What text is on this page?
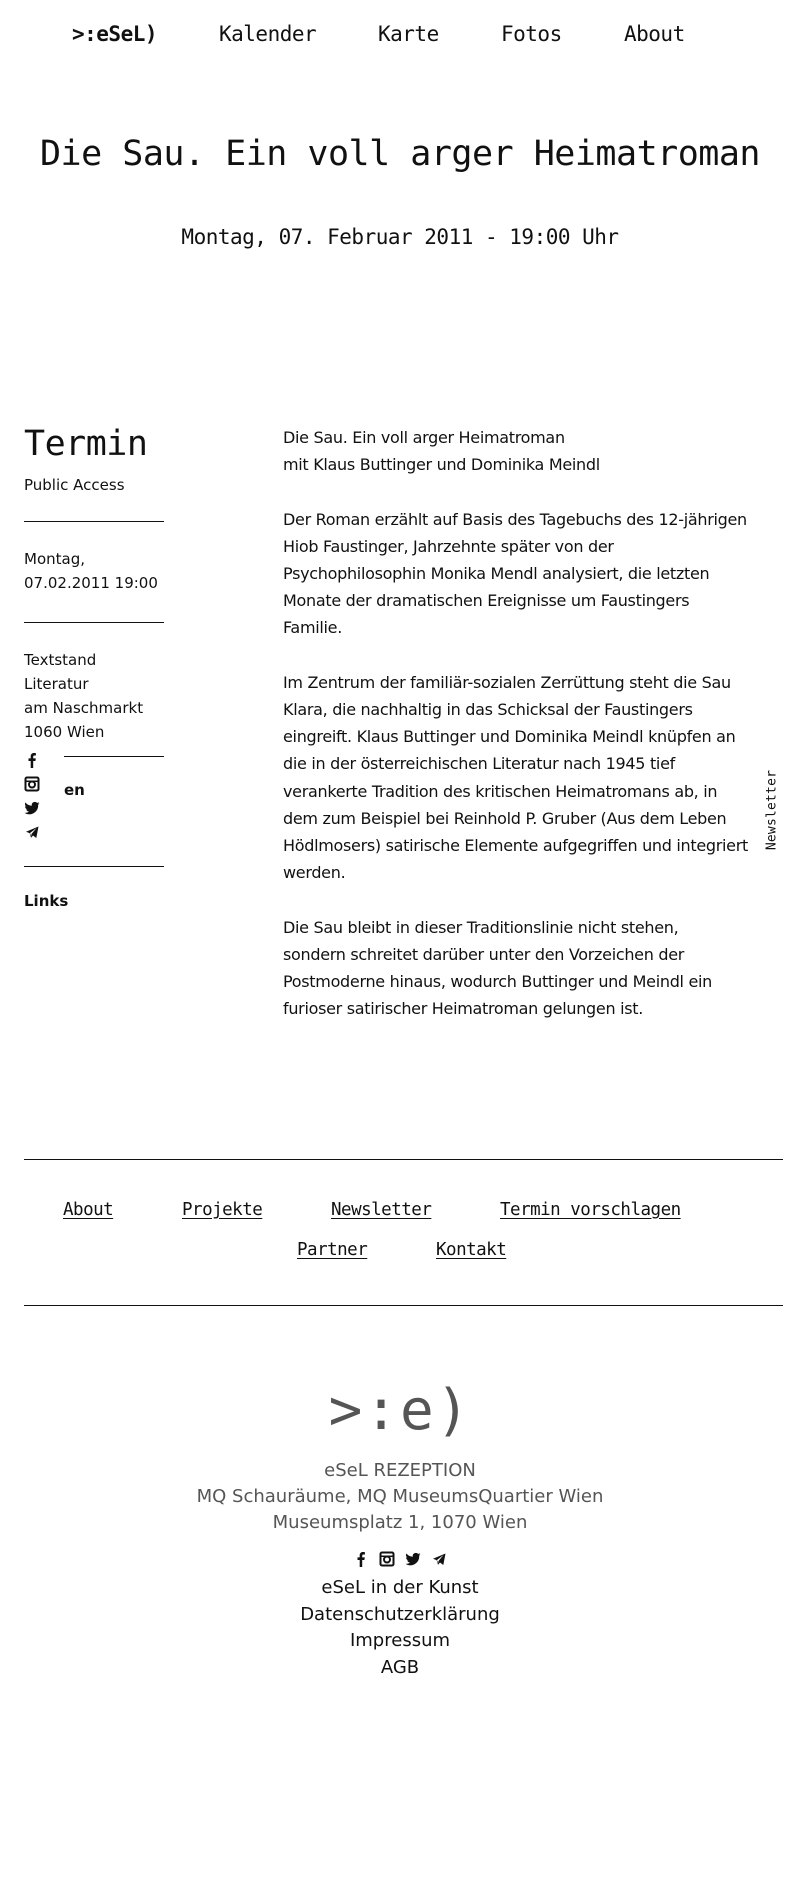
>:eSeL)	Kalender	Karte	Fotos	About
Die Sau. Ein voll arger Heimatroman
Montag, 07. Februar 2011 - 19:00 Uhr
Termin
Public Access
Montag,
07.02.2011 19:00
Textstand Literatur
am Naschmarkt
1060 Wien
en
Links

Die Sau. Ein voll arger Heimatroman
mit Klaus Buttinger und Dominika Meindl

Der Roman erzählt auf Basis des Tagebuchs des 12-jährigen
Hiob Faustinger, Jahrzehnte später von der
Psychophilosophin Monika Mendl analysiert, die letzten
Monate der dramatischen Ereignisse um Faustingers
Familie.

Im Zentrum der familiär-sozialen Zerrüttung steht die Sau
Klara, die nachhaltig in das Schicksal der Faustingers
eingreift. Klaus Buttinger und Dominika Meindl knüpfen an
die in der österreichischen Literatur nach 1945 tief
verankerte Tradition des kritischen Heimatromans ab, in
dem zum Beispiel bei Reinhold P. Gruber (Aus dem Leben
Hödlmosers) satirische Elemente aufgegriffen und integriert
werden.

Die Sau bleibt in dieser Traditionslinie nicht stehen,
sondern schreitet darüber unter den Vorzeichen der
Postmoderne hinaus, wodurch Buttinger und Meindl ein
furioser satirischer Heimatroman gelungen ist.

Newsletter
About	Projekte	Newsletter	Termin vorschlagen
Partner	Kontakt
>:e)
eSeL REZEPTION
MQ Schauräume, MQ MuseumsQuartier Wien
Museumsplatz 1, 1070 Wien

eSeL in der Kunst
Datenschutzerklärung
Impressum
AGB
